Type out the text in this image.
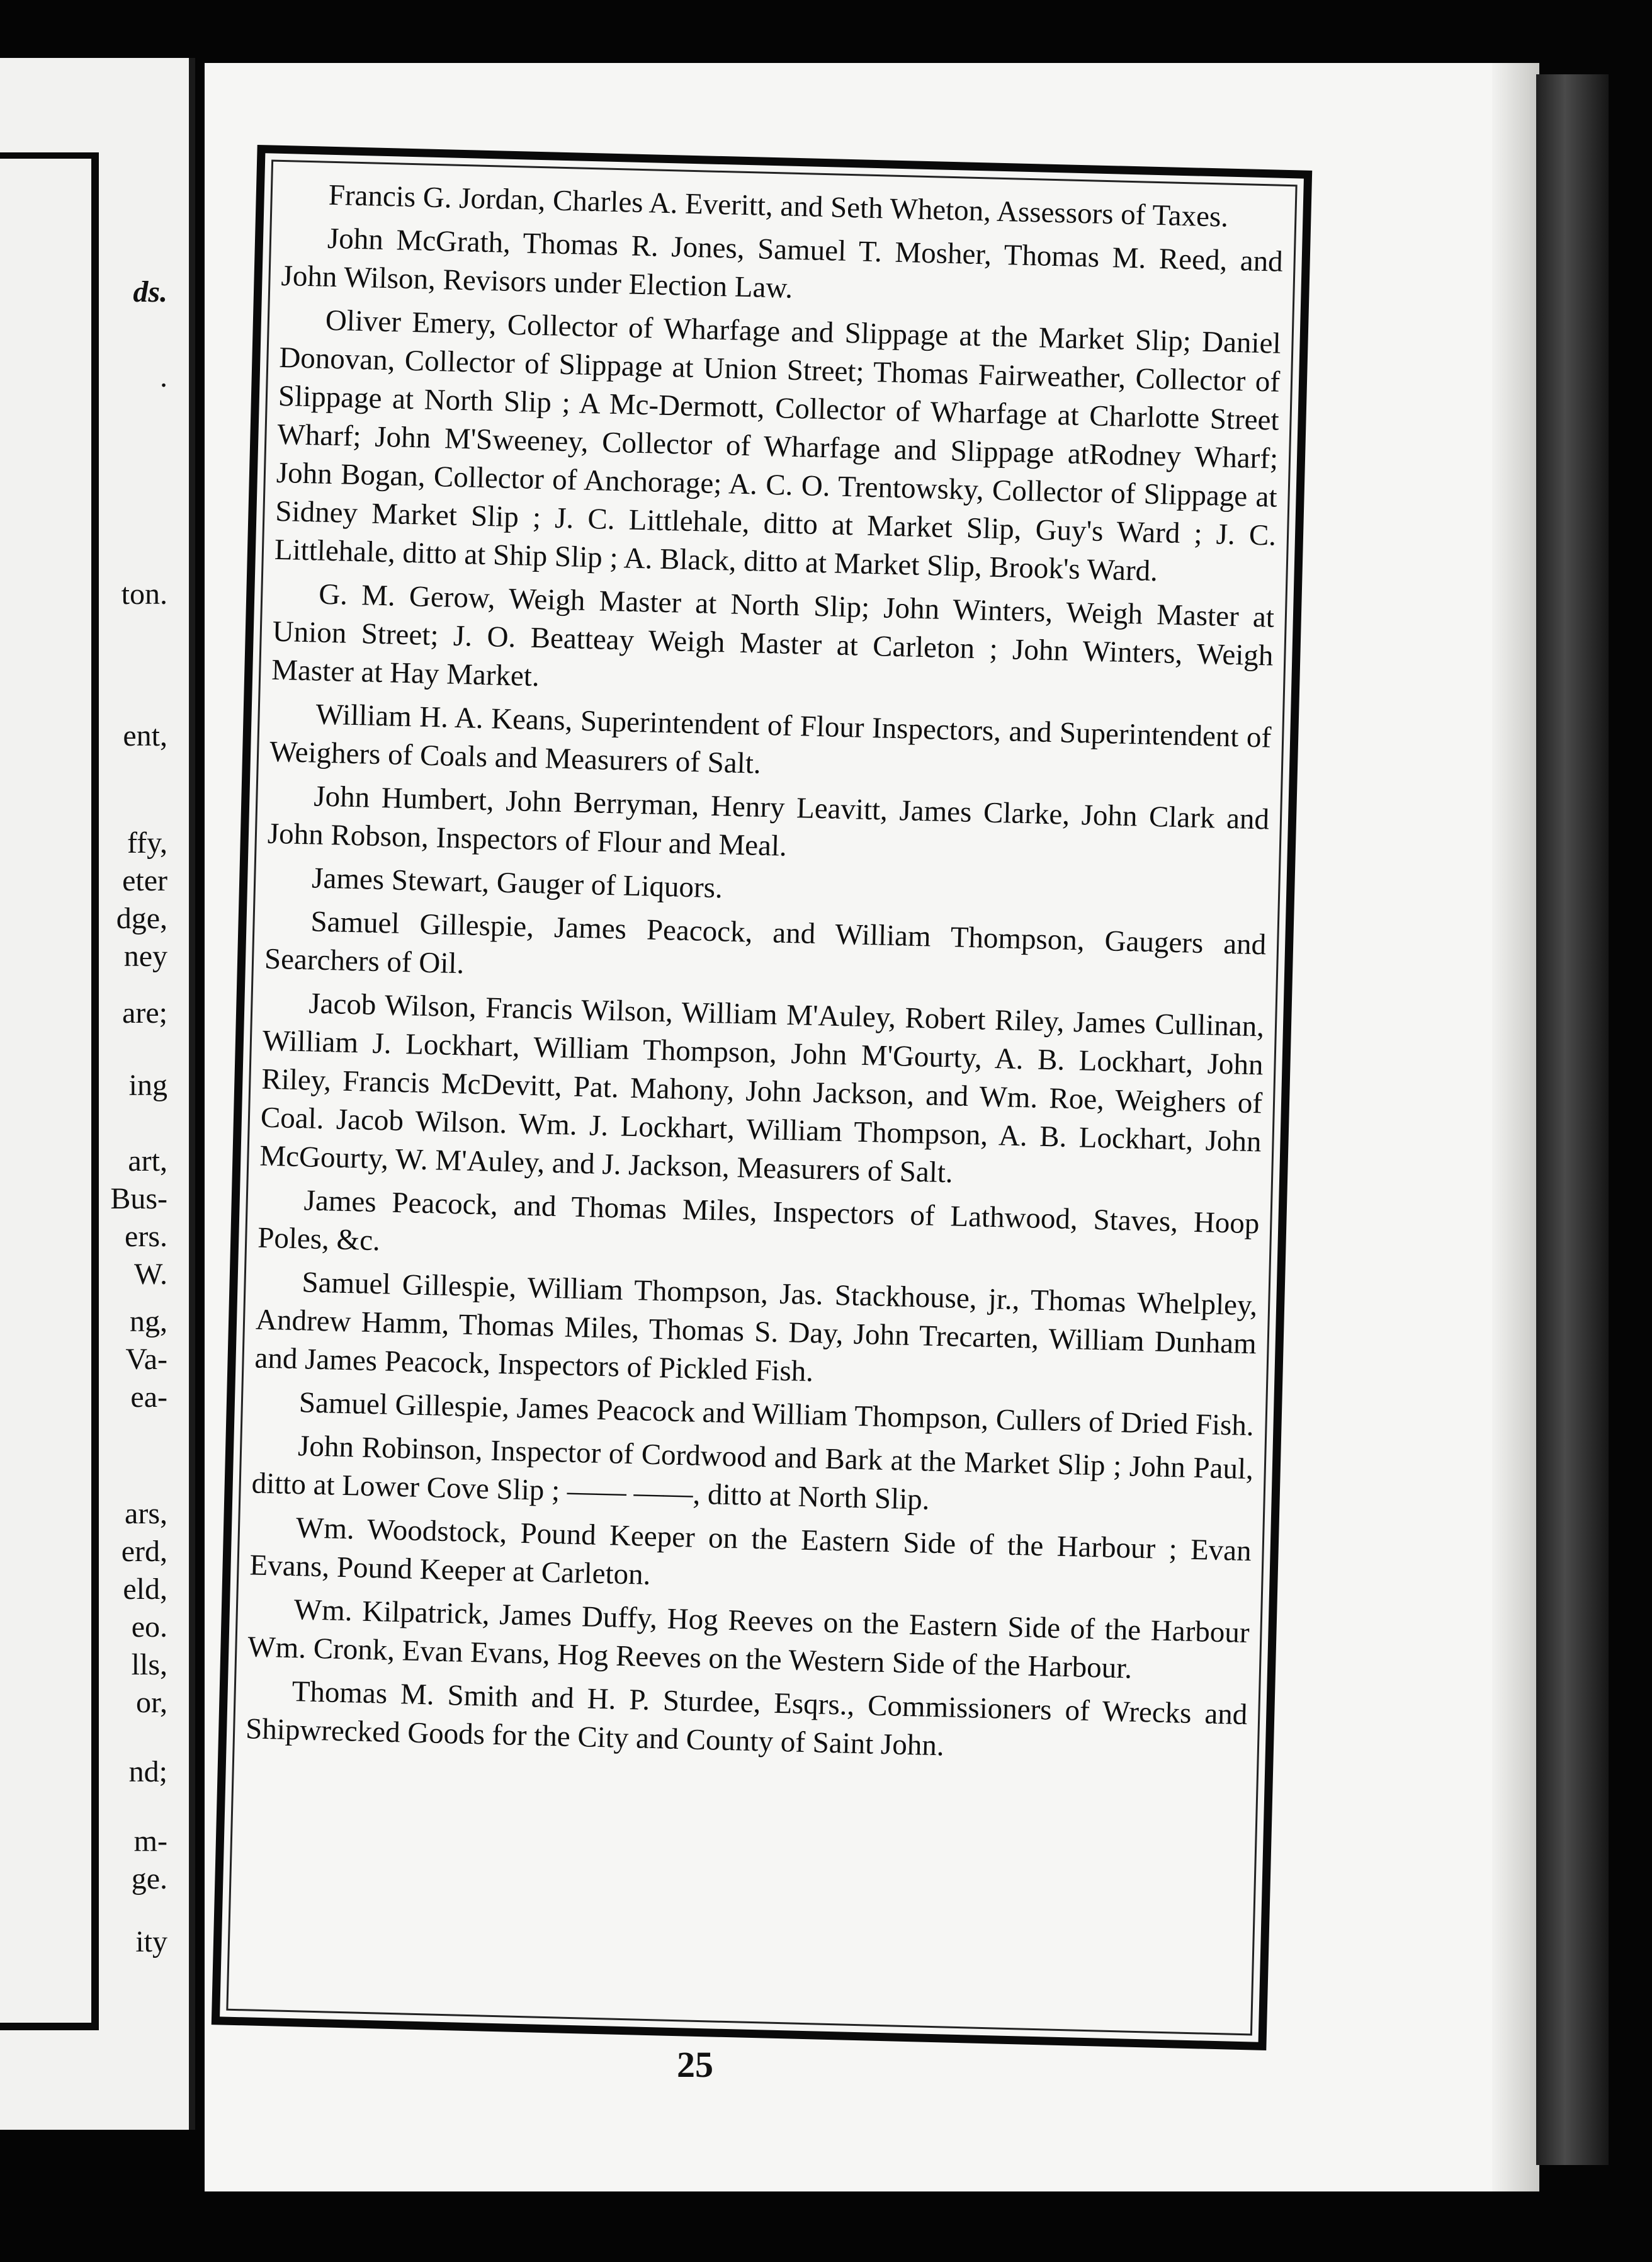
ds.

.

ton.

ent,

ffy,

eter

dge,

ney

are;

ing

art,

Bus-

ers.

W.

ng,

Va-

ea-

ars,

erd,

eld,

eo.

lls,

or,

nd;

m-

ge.

ity

Francis G. Jordan, Charles A. Everitt, and Seth Wheton, Assessors of Taxes.

John McGrath, Thomas R. Jones, Samuel T. Mosher, Thomas M. Reed, and John Wilson, Revisors under Election Law.

Oliver Emery, Collector of Wharfage and Slippage at the Market Slip; Daniel Donovan, Collector of Slippage at Union Street; Thomas Fairweather, Collector of Slippage at North Slip ; A Mc-Dermott, Collector of Wharfage at Charlotte Street Wharf; John M'Sweeney, Collector of Wharfage and Slippage atRodney Wharf; John Bogan, Collector of Anchorage; A. C. O. Trentowsky, Collector of Slippage at Sidney Market Slip ; J. C. Littlehale, ditto at Market Slip, Guy's Ward ; J. C. Littlehale, ditto at Ship Slip ; A. Black, ditto at Market Slip, Brook's Ward.

G. M. Gerow, Weigh Master at North Slip; John Winters, Weigh Master at Union Street; J. O. Beatteay Weigh Master at Carleton ; John Winters, Weigh Master at Hay Market.

William H. A. Keans, Superintendent of Flour Inspectors, and Superintendent of Weighers of Coals and Measurers of Salt.

John Humbert, John Berryman, Henry Leavitt, James Clarke, John Clark and John Robson, Inspectors of Flour and Meal.

James Stewart, Gauger of Liquors.

Samuel Gillespie, James Peacock, and William Thompson, Gaugers and Searchers of Oil.

Jacob Wilson, Francis Wilson, William M'Auley, Robert Riley, James Cullinan, William J. Lockhart, William Thompson, John M'Gourty, A. B. Lockhart, John Riley, Francis McDevitt, Pat. Mahony, John Jackson, and Wm. Roe, Weighers of Coal. Jacob Wilson. Wm. J. Lockhart, William Thompson, A. B. Lockhart, John McGourty, W. M'Auley, and J. Jackson, Measurers of Salt.

James Peacock, and Thomas Miles, Inspectors of Lathwood, Staves, Hoop Poles, &c.

Samuel Gillespie, William Thompson, Jas. Stackhouse, jr., Thomas Whelpley, Andrew Hamm, Thomas Miles, Thomas S. Day, John Trecarten, William Dunham and James Peacock, Inspectors of Pickled Fish.

Samuel Gillespie, James Peacock and William Thompson, Cullers of Dried Fish.

John Robinson, Inspector of Cordwood and Bark at the Market Slip ; John Paul, ditto at Lower Cove Slip ; —— ——, ditto at North Slip.

Wm. Woodstock, Pound Keeper on the Eastern Side of the Harbour ; Evan Evans, Pound Keeper at Carleton.

Wm. Kilpatrick, James Duffy, Hog Reeves on the Eastern Side of the Harbour Wm. Cronk, Evan Evans, Hog Reeves on the Western Side of the Harbour.

Thomas M. Smith and H. P. Sturdee, Esqrs., Commissioners of Wrecks and Shipwrecked Goods for the City and County of Saint John.

25
